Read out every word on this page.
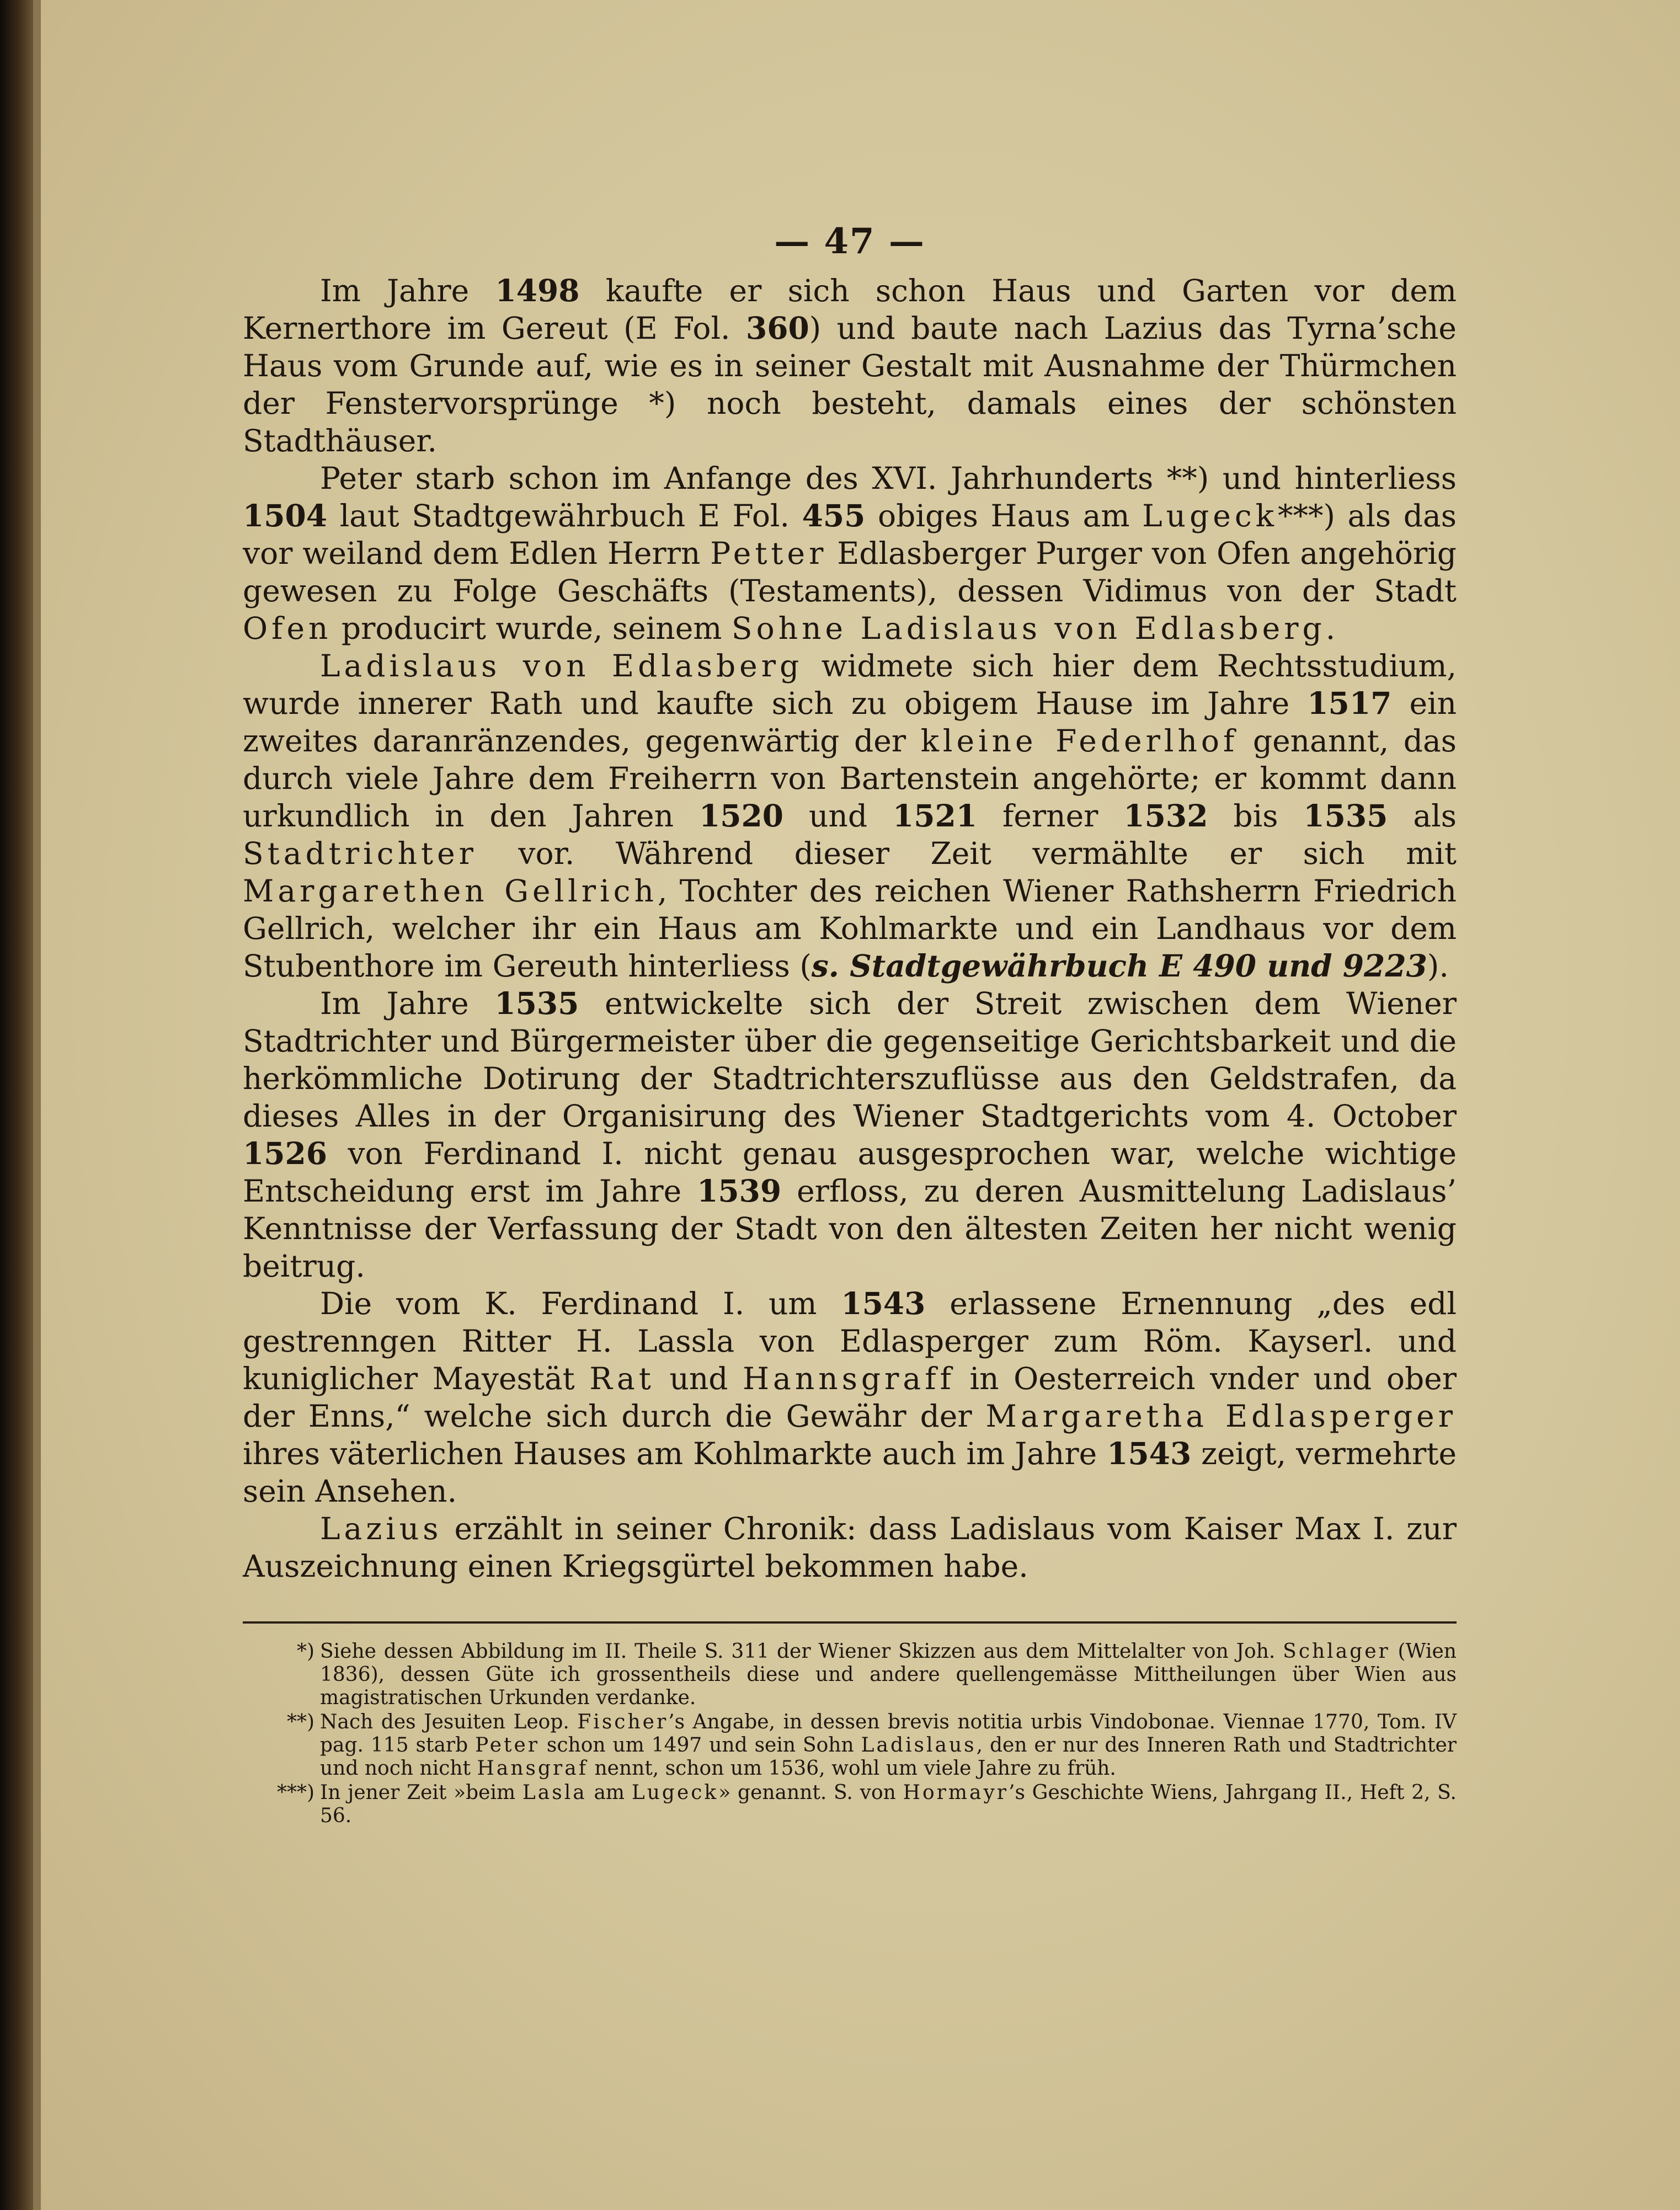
— 47 —

Im Jahre 1498 kaufte er sich schon Haus und Garten vor dem Kernerthore im Gereut (E Fol. 360) und baute nach Lazius das Tyrna’sche Haus vom Grunde auf, wie es in seiner Gestalt mit Ausnahme der Thürmchen der Fenstervorsprünge *) noch besteht, damals eines der schönsten Stadthäuser.

Peter starb schon im Anfange des XVI. Jahrhunderts **) und hinterliess 1504 laut Stadtgewährbuch E Fol. 455 obiges Haus am Lugeck***) als das vor weiland dem Edlen Herrn Petter Edlasberger Purger von Ofen angehörig gewesen zu Folge Geschäfts (Testaments), dessen Vidimus von der Stadt Ofen producirt wurde, seinem Sohne Ladislaus von Edlasberg.

Ladislaus von Edlasberg widmete sich hier dem Rechtsstudium, wurde innerer Rath und kaufte sich zu obigem Hause im Jahre 1517 ein zweites daranränzendes, gegenwärtig der kleine Federlhof genannt, das durch viele Jahre dem Freiherrn von Bartenstein angehörte; er kommt dann urkundlich in den Jahren 1520 und 1521 ferner 1532 bis 1535 als Stadtrichter vor. Während dieser Zeit vermählte er sich mit Margarethen Gellrich, Tochter des reichen Wiener Rathsherrn Friedrich Gellrich, welcher ihr ein Haus am Kohlmarkte und ein Landhaus vor dem Stubenthore im Gereuth hinterliess (s. Stadtgewährbuch E 490 und 9223).

Im Jahre 1535 entwickelte sich der Streit zwischen dem Wiener Stadtrichter und Bürgermeister über die gegenseitige Gerichtsbarkeit und die herkömmliche Dotirung der Stadtrichterszuflüsse aus den Geldstrafen, da dieses Alles in der Organisirung des Wiener Stadtgerichts vom 4. October 1526 von Ferdinand I. nicht genau ausgesprochen war, welche wichtige Entscheidung erst im Jahre 1539 erfloss, zu deren Ausmittelung Ladislaus’ Kenntnisse der Verfassung der Stadt von den ältesten Zeiten her nicht wenig beitrug.

Die vom K. Ferdinand I. um 1543 erlassene Ernennung „des edl gestrenngen Ritter H. Lassla von Edlasperger zum Röm. Kayserl. und kuniglicher Mayestät Rat und Hannsgraff in Oesterreich vnder und ober der Enns,“ welche sich durch die Gewähr der Margaretha Edlasperger ihres väterlichen Hauses am Kohlmarkte auch im Jahre 1543 zeigt, vermehrte sein Ansehen.

Lazius erzählt in seiner Chronik: dass Ladislaus vom Kaiser Max I. zur Auszeichnung einen Kriegsgürtel bekommen habe.

*) Siehe dessen Abbildung im II. Theile S. 311 der Wiener Skizzen aus dem Mittelalter von Joh. Schlager (Wien 1836), dessen Güte ich grossentheils diese und andere quellengemässe Mittheilungen über Wien aus magistratischen Urkunden verdanke.
**) Nach des Jesuiten Leop. Fischer’s Angabe, in dessen brevis notitia urbis Vindobonae. Viennae 1770, Tom. IV pag. 115 starb Peter schon um 1497 und sein Sohn Ladislaus, den er nur des Inneren Rath und Stadtrichter und noch nicht Hansgraf nennt, schon um 1536, wohl um viele Jahre zu früh.
***) In jener Zeit »beim Lasla am Lugeck» genannt. S. von Hormayr’s Geschichte Wiens, Jahrgang II., Heft 2, S. 56.
